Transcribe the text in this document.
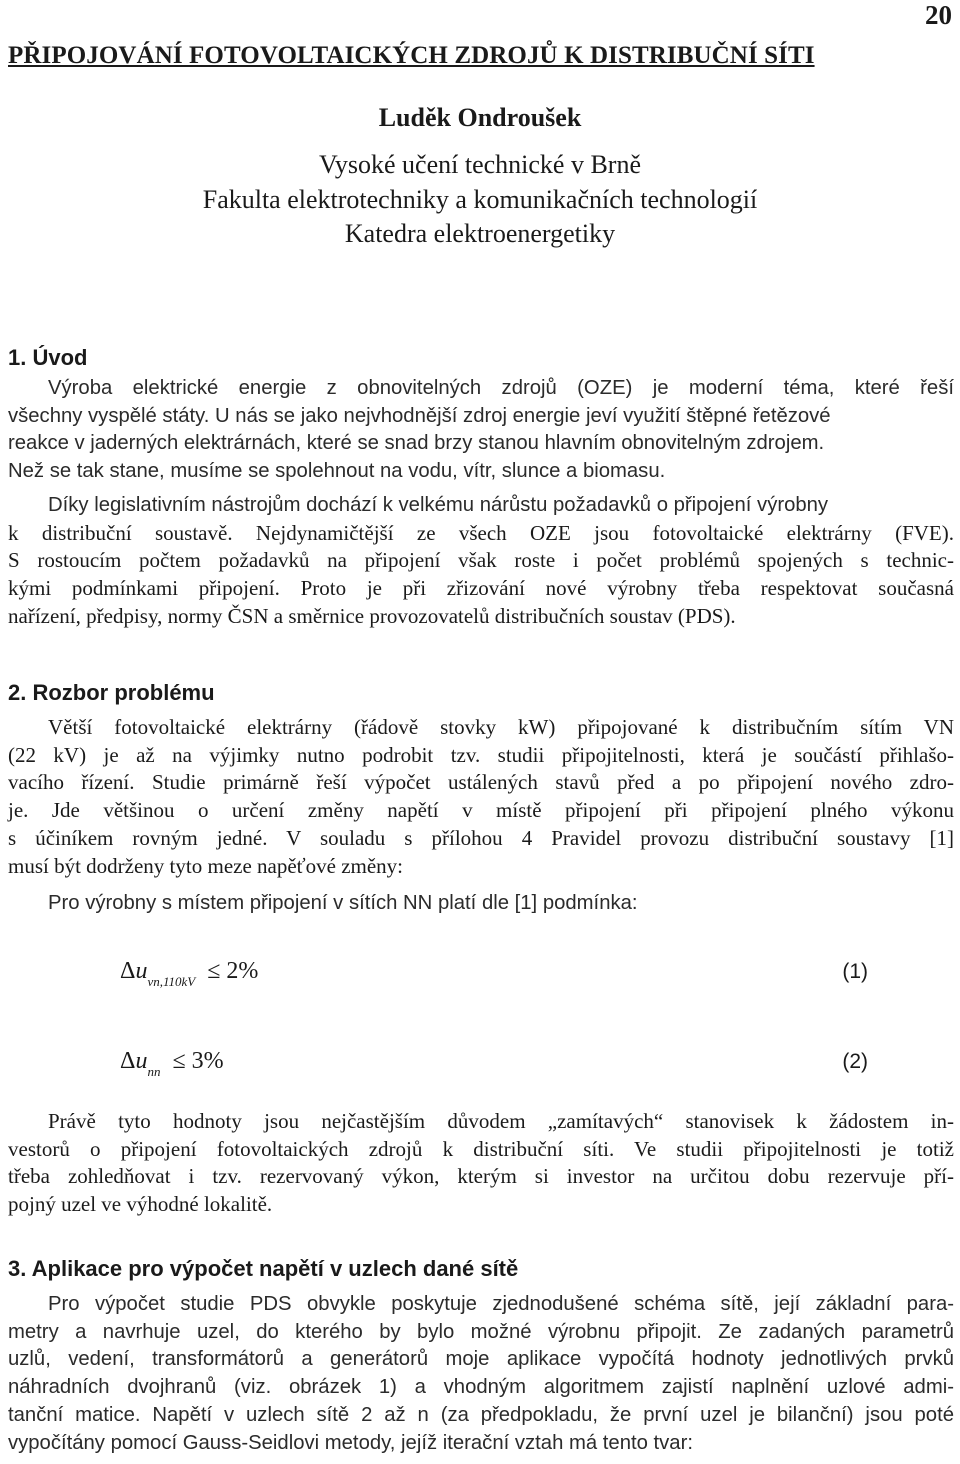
20
PŘIPOJOVÁNÍ FOTOVOLTAICKÝCH ZDROJŮ K DISTRIBUČNÍ SÍTI
Luděk Ondroušek
Vysoké učení technické v Brně
Fakulta elektrotechniky a komunikačních technologií
Katedra elektroenergetiky
1. Úvod
Výroba elektrické energie z obnovitelných zdrojů (OZE) je moderní téma, které řeší
všechny vyspělé státy. U nás se jako nejvhodnější zdroj energie jeví využití štěpné řetězové
reakce v jaderných elektrárnách, které se snad brzy stanou hlavním obnovitelným zdrojem.
Než se tak stane, musíme se spolehnout na vodu, vítr, slunce a biomasu.
Díky legislativním nástrojům dochází k velkému nárůstu požadavků o připojení výrobny
k distribuční soustavě. Nejdynamičtější ze všech OZE jsou fotovoltaické elektrárny (FVE).
S rostoucím počtem požadavků na připojení však roste i počet problémů spojených s technic-
kými podmínkami připojení. Proto je při zřizování nové výrobny třeba respektovat současná
nařízení, předpisy, normy ČSN a směrnice provozovatelů distribučních soustav (PDS).
2. Rozbor problému
Větší fotovoltaické elektrárny (řádově stovky kW) připojované k distribučním sítím VN
(22 kV) je až na výjimky nutno podrobit tzv. studii připojitelnosti, která je součástí přihlašo-
vacího řízení. Studie primárně řeší výpočet ustálených stavů před a po připojení nového zdro-
je. Jde většinou o určení změny napětí v místě připojení při připojení plného výkonu
s účiníkem rovným jedné. V souladu s přílohou 4 Pravidel provozu distribuční soustavy [1]
musí být dodrženy tyto meze napěťové změny:
Pro výrobny s místem připojení v sítích NN platí dle [1] podmínka:
$\Delta u_{vn,110kV} \le 2\%$	(1)
$\Delta u_{nn} \le 3\%$	(2)
Právě tyto hodnoty jsou nejčastějším důvodem „zamítavých“ stanovisek k žádostem in-
vestorů o připojení fotovoltaických zdrojů k distribuční síti. Ve studii připojitelnosti je totiž
třeba zohledňovat i tzv. rezervovaný výkon, kterým si investor na určitou dobu rezervuje pří-
pojný uzel ve výhodné lokalitě.
3. Aplikace pro výpočet napětí v uzlech dané sítě
Pro výpočet studie PDS obvykle poskytuje zjednodušené schéma sítě, její základní para-
metry a navrhuje uzel, do kterého by bylo možné výrobnu připojit. Ze zadaných parametrů
uzlů, vedení, transformátorů a generátorů moje aplikace vypočítá hodnoty jednotlivých prvků
náhradních dvojhranů (viz. obrázek 1) a vhodným algoritmem zajistí naplnění uzlové admi-
tanční matice. Napětí v uzlech sítě 2 až n (za předpokladu, že první uzel je bilanční) jsou poté
vypočítány pomocí Gauss-Seidlovi metody, jejíž iterační vztah má tento tvar:
